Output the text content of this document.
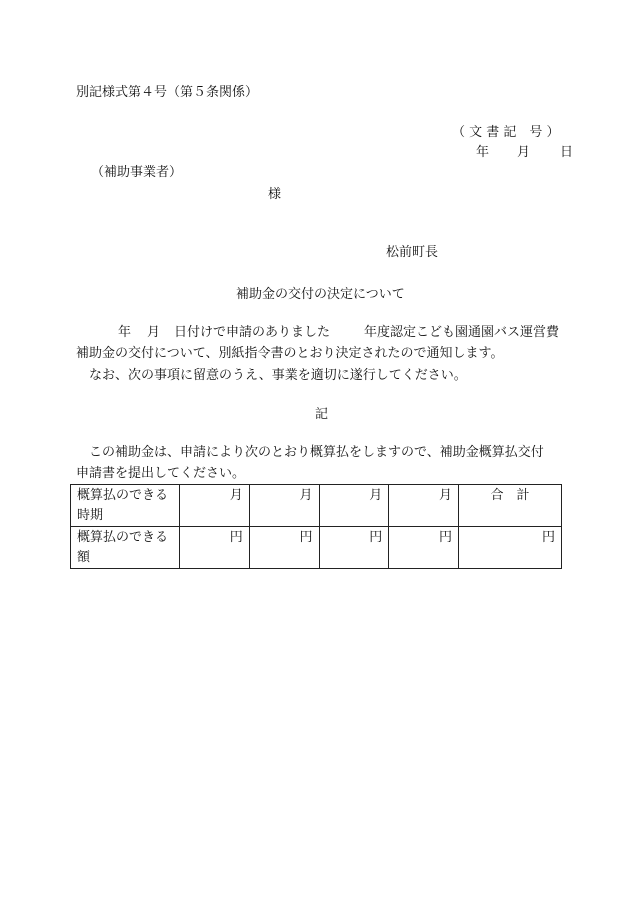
別記様式第４号（第５条関係）
（ 文 書 記　号 ）
年 月 日
（補助事業者）
様
松前町長
補助金の交付の決定について
年 月 日付けで申請のありました	年度認定こども園通園バス運営費
補助金の交付について、別紙指令書のとおり決定されたので通知します。
なお、次の事項に留意のうえ、事業を適切に遂行してください。
記
この補助金は、申請により次のとおり概算払をしますので、補助金概算払交付
申請書を提出してください。
概算払のできる時期	月	月	月	月	合　計
概算払のできる額	円	円	円	円	円
